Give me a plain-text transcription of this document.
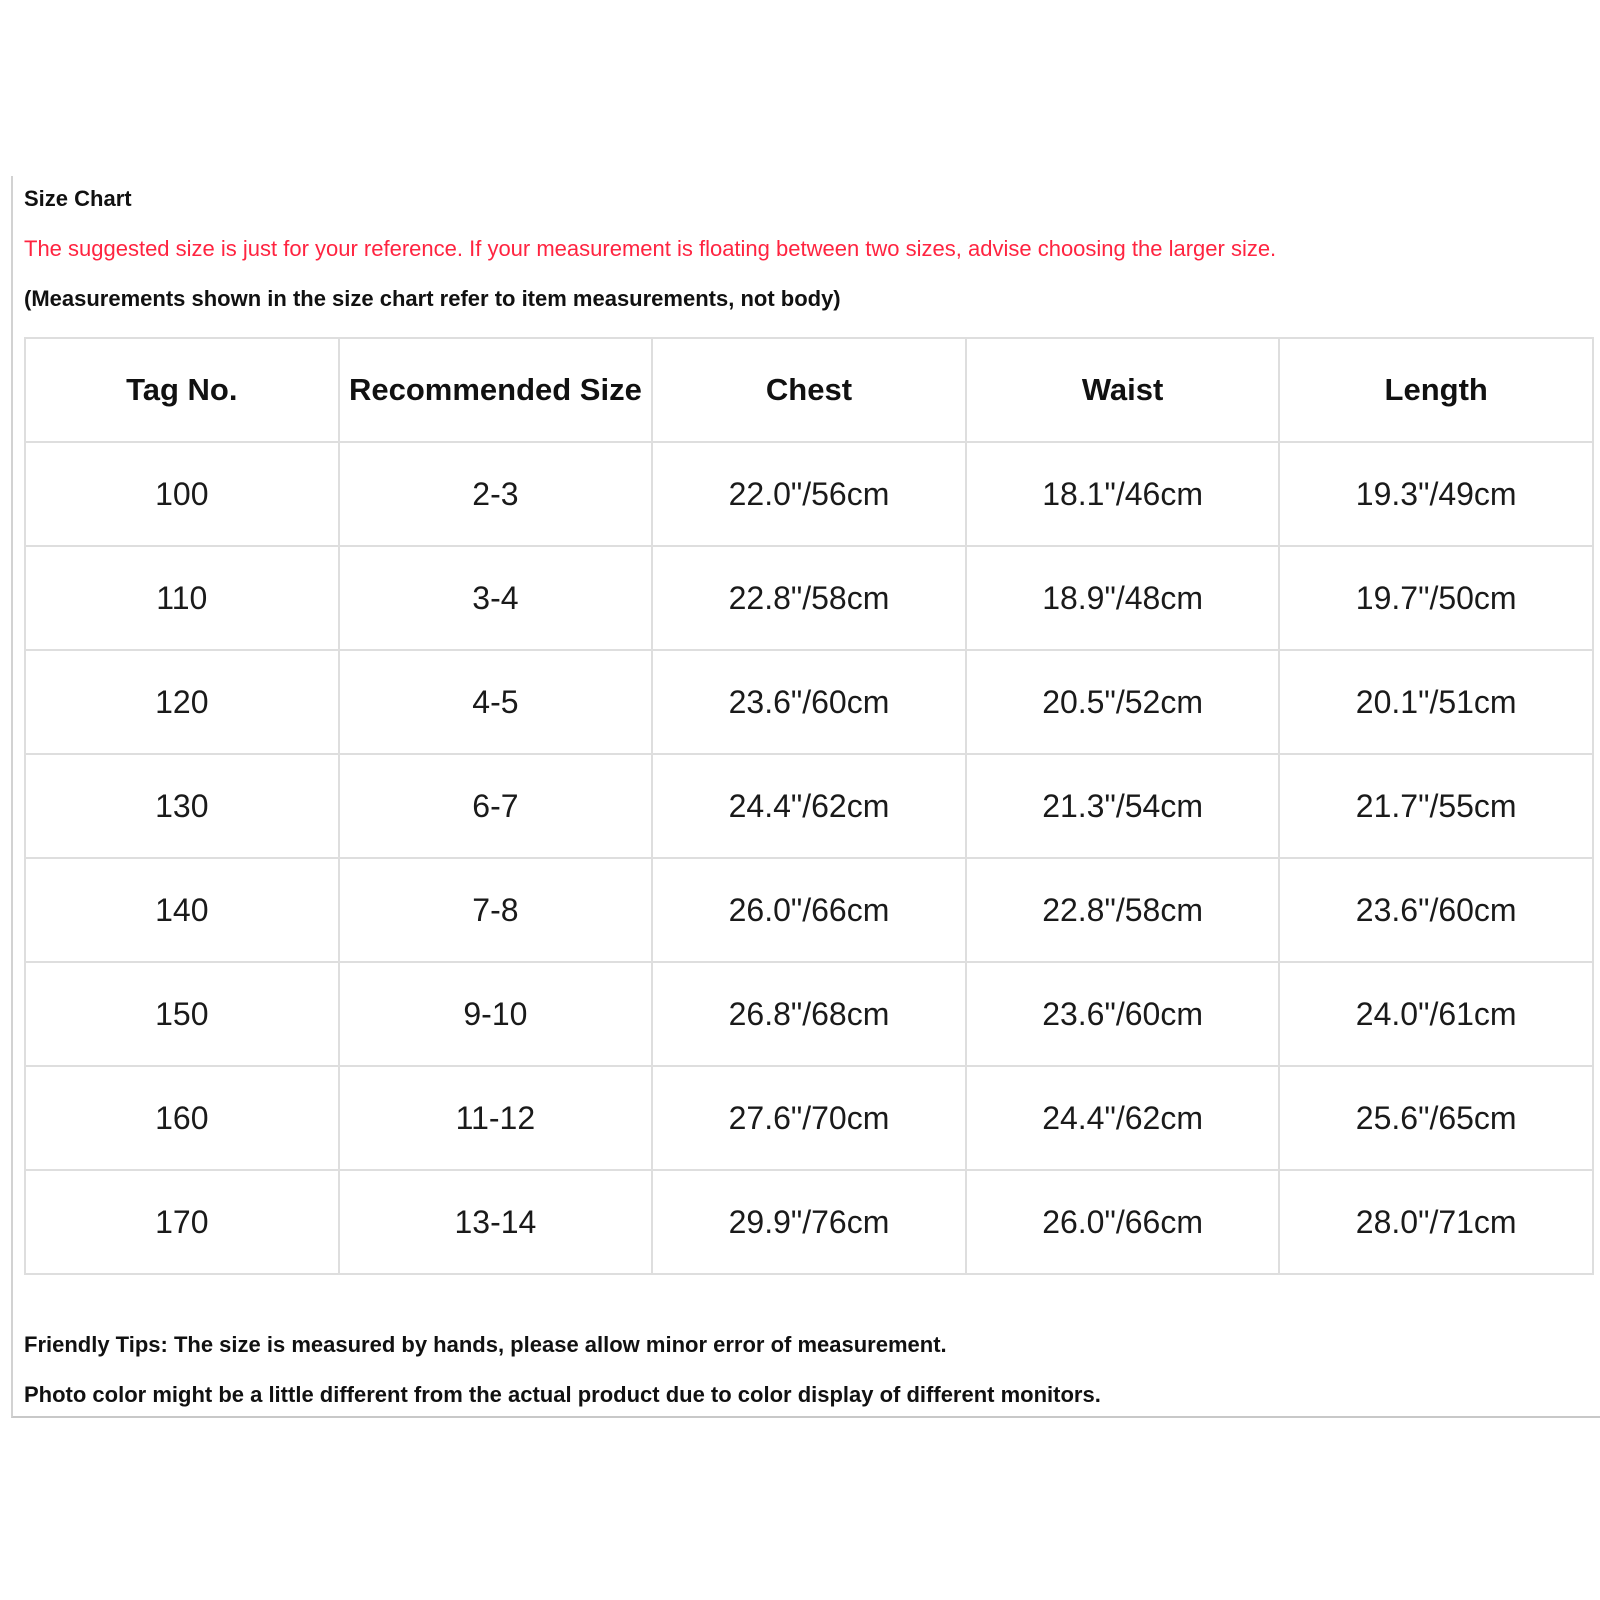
Size Chart

The suggested size is just for your reference. If your measurement is floating between two sizes, advise choosing the larger size.

(Measurements shown in the size chart refer to item measurements, not body)

Tag No.	Recommended Size	Chest	Waist	Length
100	2-3	22.0"/56cm	18.1"/46cm	19.3"/49cm
110	3-4	22.8"/58cm	18.9"/48cm	19.7"/50cm
120	4-5	23.6"/60cm	20.5"/52cm	20.1"/51cm
130	6-7	24.4"/62cm	21.3"/54cm	21.7"/55cm
140	7-8	26.0"/66cm	22.8"/58cm	23.6"/60cm
150	9-10	26.8"/68cm	23.6"/60cm	24.0"/61cm
160	11-12	27.6"/70cm	24.4"/62cm	25.6"/65cm
170	13-14	29.9"/76cm	26.0"/66cm	28.0"/71cm

Friendly Tips: The size is measured by hands, please allow minor error of measurement.

Photo color might be a little different from the actual product due to color display of different monitors.
